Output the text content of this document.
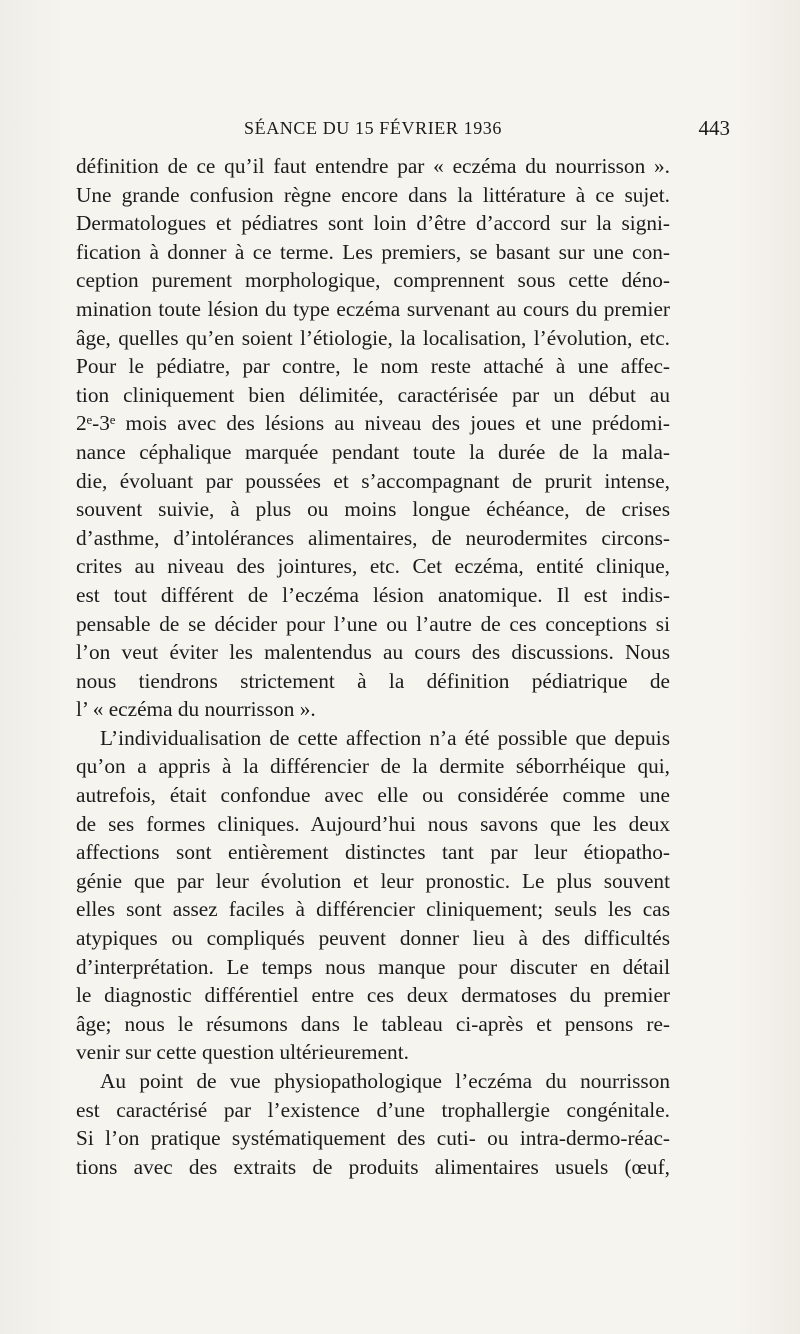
SÉANCE DU 15 FÉVRIER 1936	443

définition de ce qu’il faut entendre par « eczéma du nourrisson ».
Une grande confusion règne encore dans la littérature à ce sujet.
Dermatologues et pédiatres sont loin d’être d’accord sur la signi-
fication à donner à ce terme. Les premiers, se basant sur une con-
ception purement morphologique, comprennent sous cette déno-
mination toute lésion du type eczéma survenant au cours du premier
âge, quelles qu’en soient l’étiologie, la localisation, l’évolution, etc.
Pour le pédiatre, par contre, le nom reste attaché à une affec-
tion cliniquement bien délimitée, caractérisée par un début au
2ᵉ-3ᵉ mois avec des lésions au niveau des joues et une prédomi-
nance céphalique marquée pendant toute la durée de la mala-
die, évoluant par poussées et s’accompagnant de prurit intense,
souvent suivie, à plus ou moins longue échéance, de crises
d’asthme, d’intolérances alimentaires, de neurodermites circons-
crites au niveau des jointures, etc. Cet eczéma, entité clinique,
est tout différent de l’eczéma lésion anatomique. Il est indis-
pensable de se décider pour l’une ou l’autre de ces conceptions si
l’on veut éviter les malentendus au cours des discussions. Nous
nous tiendrons strictement à la définition pédiatrique de
l’ « eczéma du nourrisson ».

L’individualisation de cette affection n’a été possible que depuis
qu’on a appris à la différencier de la dermite séborrhéique qui,
autrefois, était confondue avec elle ou considérée comme une
de ses formes cliniques. Aujourd’hui nous savons que les deux
affections sont entièrement distinctes tant par leur étiopatho-
génie que par leur évolution et leur pronostic. Le plus souvent
elles sont assez faciles à différencier cliniquement; seuls les cas
atypiques ou compliqués peuvent donner lieu à des difficultés
d’interprétation. Le temps nous manque pour discuter en détail
le diagnostic différentiel entre ces deux dermatoses du premier
âge; nous le résumons dans le tableau ci-après et pensons re-
venir sur cette question ultérieurement.

Au point de vue physiopathologique l’eczéma du nourrisson
est caractérisé par l’existence d’une trophallergie congénitale.
Si l’on pratique systématiquement des cuti- ou intra-dermo-réac-
tions avec des extraits de produits alimentaires usuels (œuf,
